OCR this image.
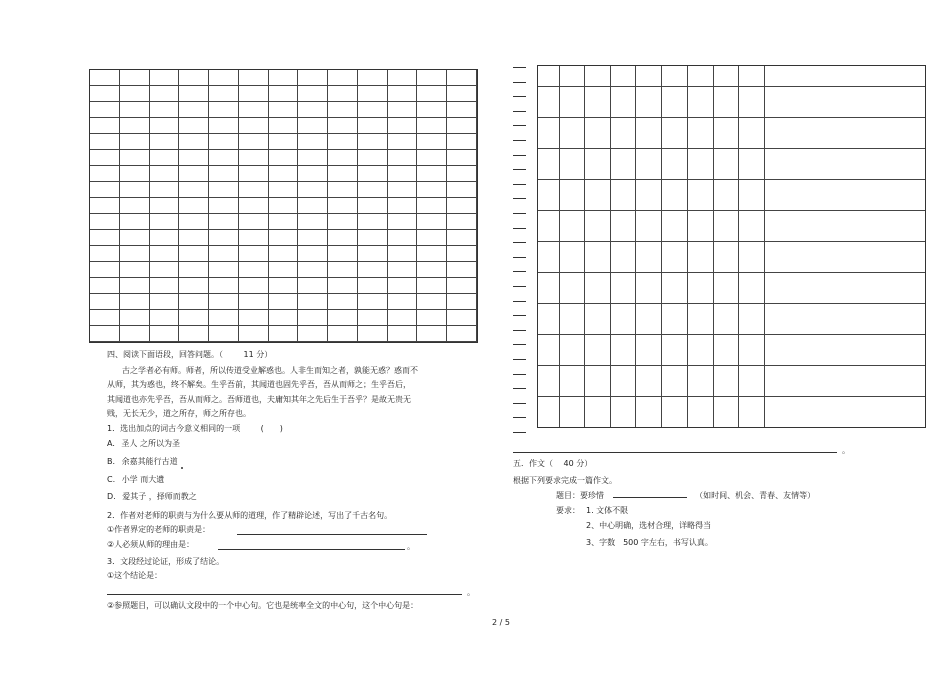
。
四、阅读下面语段，回答问题。（	11 分）
古之学者必有师。师者，所以传道受业解惑也。人非生而知之者，孰能无惑？惑而不
从师，其为惑也，终不解矣。生乎吾前，其闻道也固先乎吾，吾从而师之；生乎吾后，
其闻道也亦先乎吾，吾从而师之。吾师道也，夫庸知其年之先后生于吾乎？是故无贵无
贱，无长无少，道之所存，师之所存也。
1．选出加点的词古今意义相同的一项	(　　)
A. 圣人 之所以为圣
B. 余嘉其能行古道
C. 小学 而大遗
D. 爱其子 ，择师而教之
2．作者对老师的职责与为什么要从师的道理，作了精辟论述，写出了千古名句。
①作者界定的老师的职责是：
②人必须从师的理由是：	。
3．文段经过论证，形成了结论。
①这个结论是：
。
②参照题目，可以确认文段中的一个中心句。它也是统率全文的中心句，这个中心句是：
五．作文（ 40 分）
根据下列要求完成一篇作文。
题目：要珍惜	（如时间、机会、青春、友情等）
要求： 1. 文体不限
2、中心明确，选材合理，详略得当
3、字数　500 字左右，书写认真。
2 / 5
